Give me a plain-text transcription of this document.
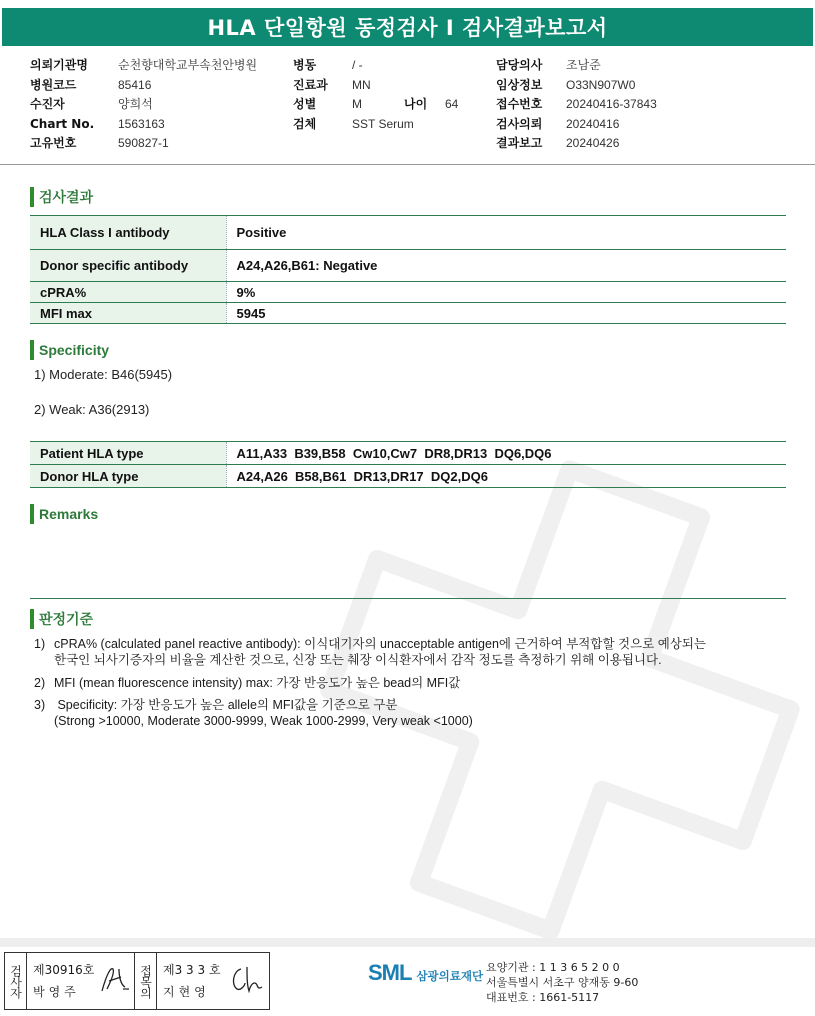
HLA 단일항원 동정검사 I 검사결과보고서
의뢰기관명	순천향대학교부속천안병원
병원코드	85416
수진자	양희석
Chart No.	1563163
고유번호	590827-1
병동	/ -
진료과	MN
성별	M	나이	64
검체	SST Serum
담당의사	조남준
임상정보	O33N907W0
접수번호	20240416-37843
검사의뢰	20240416
결과보고	20240426
검사결과
HLA Class I antibody	Positive
Donor specific antibody	A24,A26,B61: Negative
cPRA%	9%
MFI max	5945
Specificity
1) Moderate: B46(5945)
2) Weak: A36(2913)
Patient HLA type	A11,A33  B39,B58  Cw10,Cw7  DR8,DR13  DQ6,DQ6
Donor HLA type	A24,A26  B58,B61  DR13,DR17  DQ2,DQ6
Remarks
판정기준
1) cPRA% (calculated panel reactive antibody): 이식대기자의 unacceptable antigen에 근거하여 부적합할 것으로 예상되는
한국인 뇌사기증자의 비율을 계산한 것으로, 신장 또는 췌장 이식환자에서 감작 정도를 측정하기 위해 이용됩니다.
2) MFI (mean fluorescence intensity) max: 가장 반응도가 높은 bead의 MFI값
3) Specificity: 가장 반응도가 높은 allele의 MFI값을 기준으로 구분
(Strong >10000, Moderate 3000-9999, Weak 1000-2999, Very weak <1000)
검사자 제30916호
박영주	접목의 제3 3 3 호
지현영
SML 삼광의료재단
요양기관 : 1 1 3 6 5 2 0 0
서울특별시 서초구 양재동 9-60
대표번호 : 1661-5117
